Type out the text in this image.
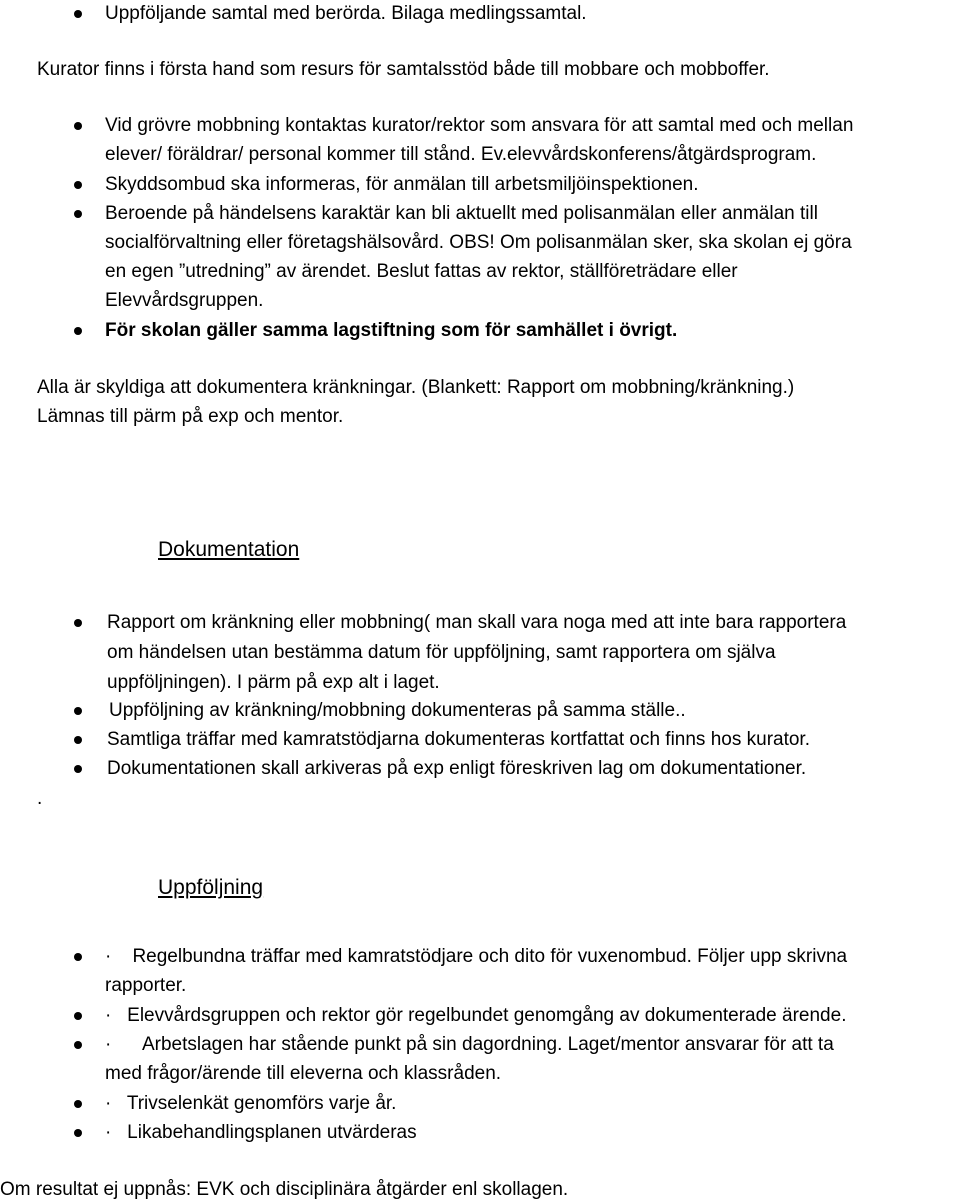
Uppföljande samtal med berörda. Bilaga medlingssamtal.
Kurator finns i första hand som resurs för samtalsstöd både till mobbare och mobboffer.
Vid grövre mobbning kontaktas kurator/rektor som ansvara för att samtal med och mellan
elever/ föräldrar/ personal kommer till stånd. Ev.elevvårdskonferens/åtgärdsprogram.
Skyddsombud ska informeras, för anmälan till arbetsmiljöinspektionen.
Beroende på händelsens karaktär kan bli aktuellt med polisanmälan eller anmälan till
socialförvaltning eller företagshälsovård. OBS! Om polisanmälan sker, ska skolan ej göra
en egen ”utredning” av ärendet. Beslut fattas av rektor, ställföreträdare eller
Elevvårdsgruppen.
För skolan gäller samma lagstiftning som för samhället i övrigt.
Alla är skyldiga att dokumentera kränkningar. (Blankett: Rapport om mobbning/kränkning.)
Lämnas till pärm på exp och mentor.
Dokumentation
Rapport om kränkning eller mobbning( man skall vara noga med att inte bara rapportera
om händelsen utan bestämma datum för uppföljning, samt rapportera om själva
uppföljningen). I pärm på exp alt i laget.
Uppföljning av kränkning/mobbning dokumenteras på samma ställe..
Samtliga träffar med kamratstödjarna dokumenteras kortfattat och finns hos kurator.
Dokumentationen skall arkiveras på exp enligt föreskriven lag om dokumentationer.
.
Uppföljning
·    Regelbundna träffar med kamratstödjare och dito för vuxenombud. Följer upp skrivna
rapporter.
·   Elevvårdsgruppen och rektor gör regelbundet genomgång av dokumenterade ärende.
·      Arbetslagen har stående punkt på sin dagordning. Laget/mentor ansvarar för att ta
med frågor/ärende till eleverna och klassråden.
·   Trivselenkät genomförs varje år.
·   Likabehandlingsplanen utvärderas
Om resultat ej uppnås: EVK och disciplinära åtgärder enl skollagen.
